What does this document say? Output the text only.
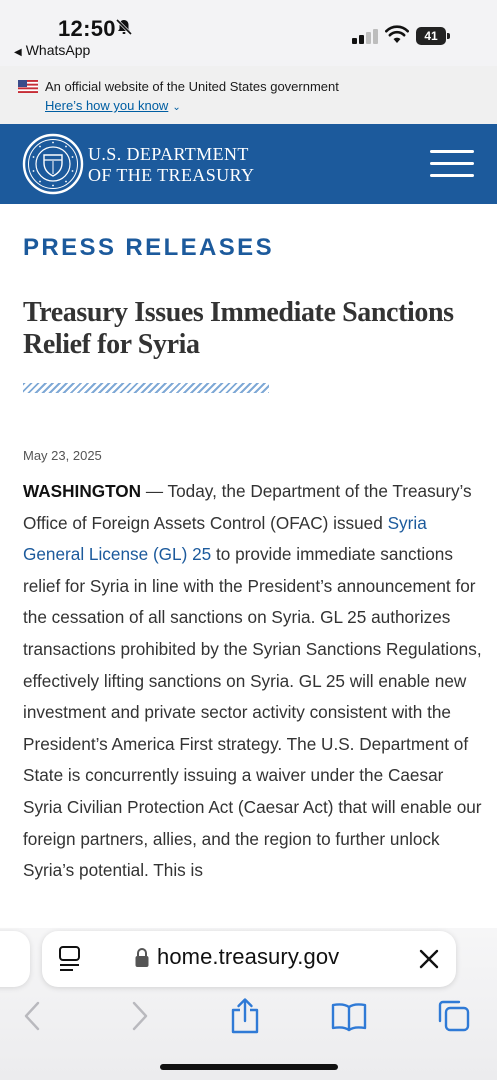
12:50
◀ WhatsApp
41
An official website of the United States government
Here’s how you know ⌄
U.S. DEPARTMENT
OF THE TREASURY
PRESS RELEASES
Treasury Issues Immediate Sanctions Relief for Syria
May 23, 2025

WASHINGTON — Today, the Department of the Treasury’s Office of Foreign Assets Control (OFAC) issued Syria General License (GL) 25 to provide immediate sanctions relief for Syria in line with the President’s announcement for the cessation of all sanctions on Syria. GL 25 authorizes transactions prohibited by the Syrian Sanctions Regulations, effectively lifting sanctions on Syria. GL 25 will enable new investment and private sector activity consistent with the President’s America First strategy. The U.S. Department of State is concurrently issuing a waiver under the Caesar Syria Civilian Protection Act (Caesar Act) that will enable our foreign partners, allies, and the region to further unlock Syria’s potential. This is

home.treasury.gov
